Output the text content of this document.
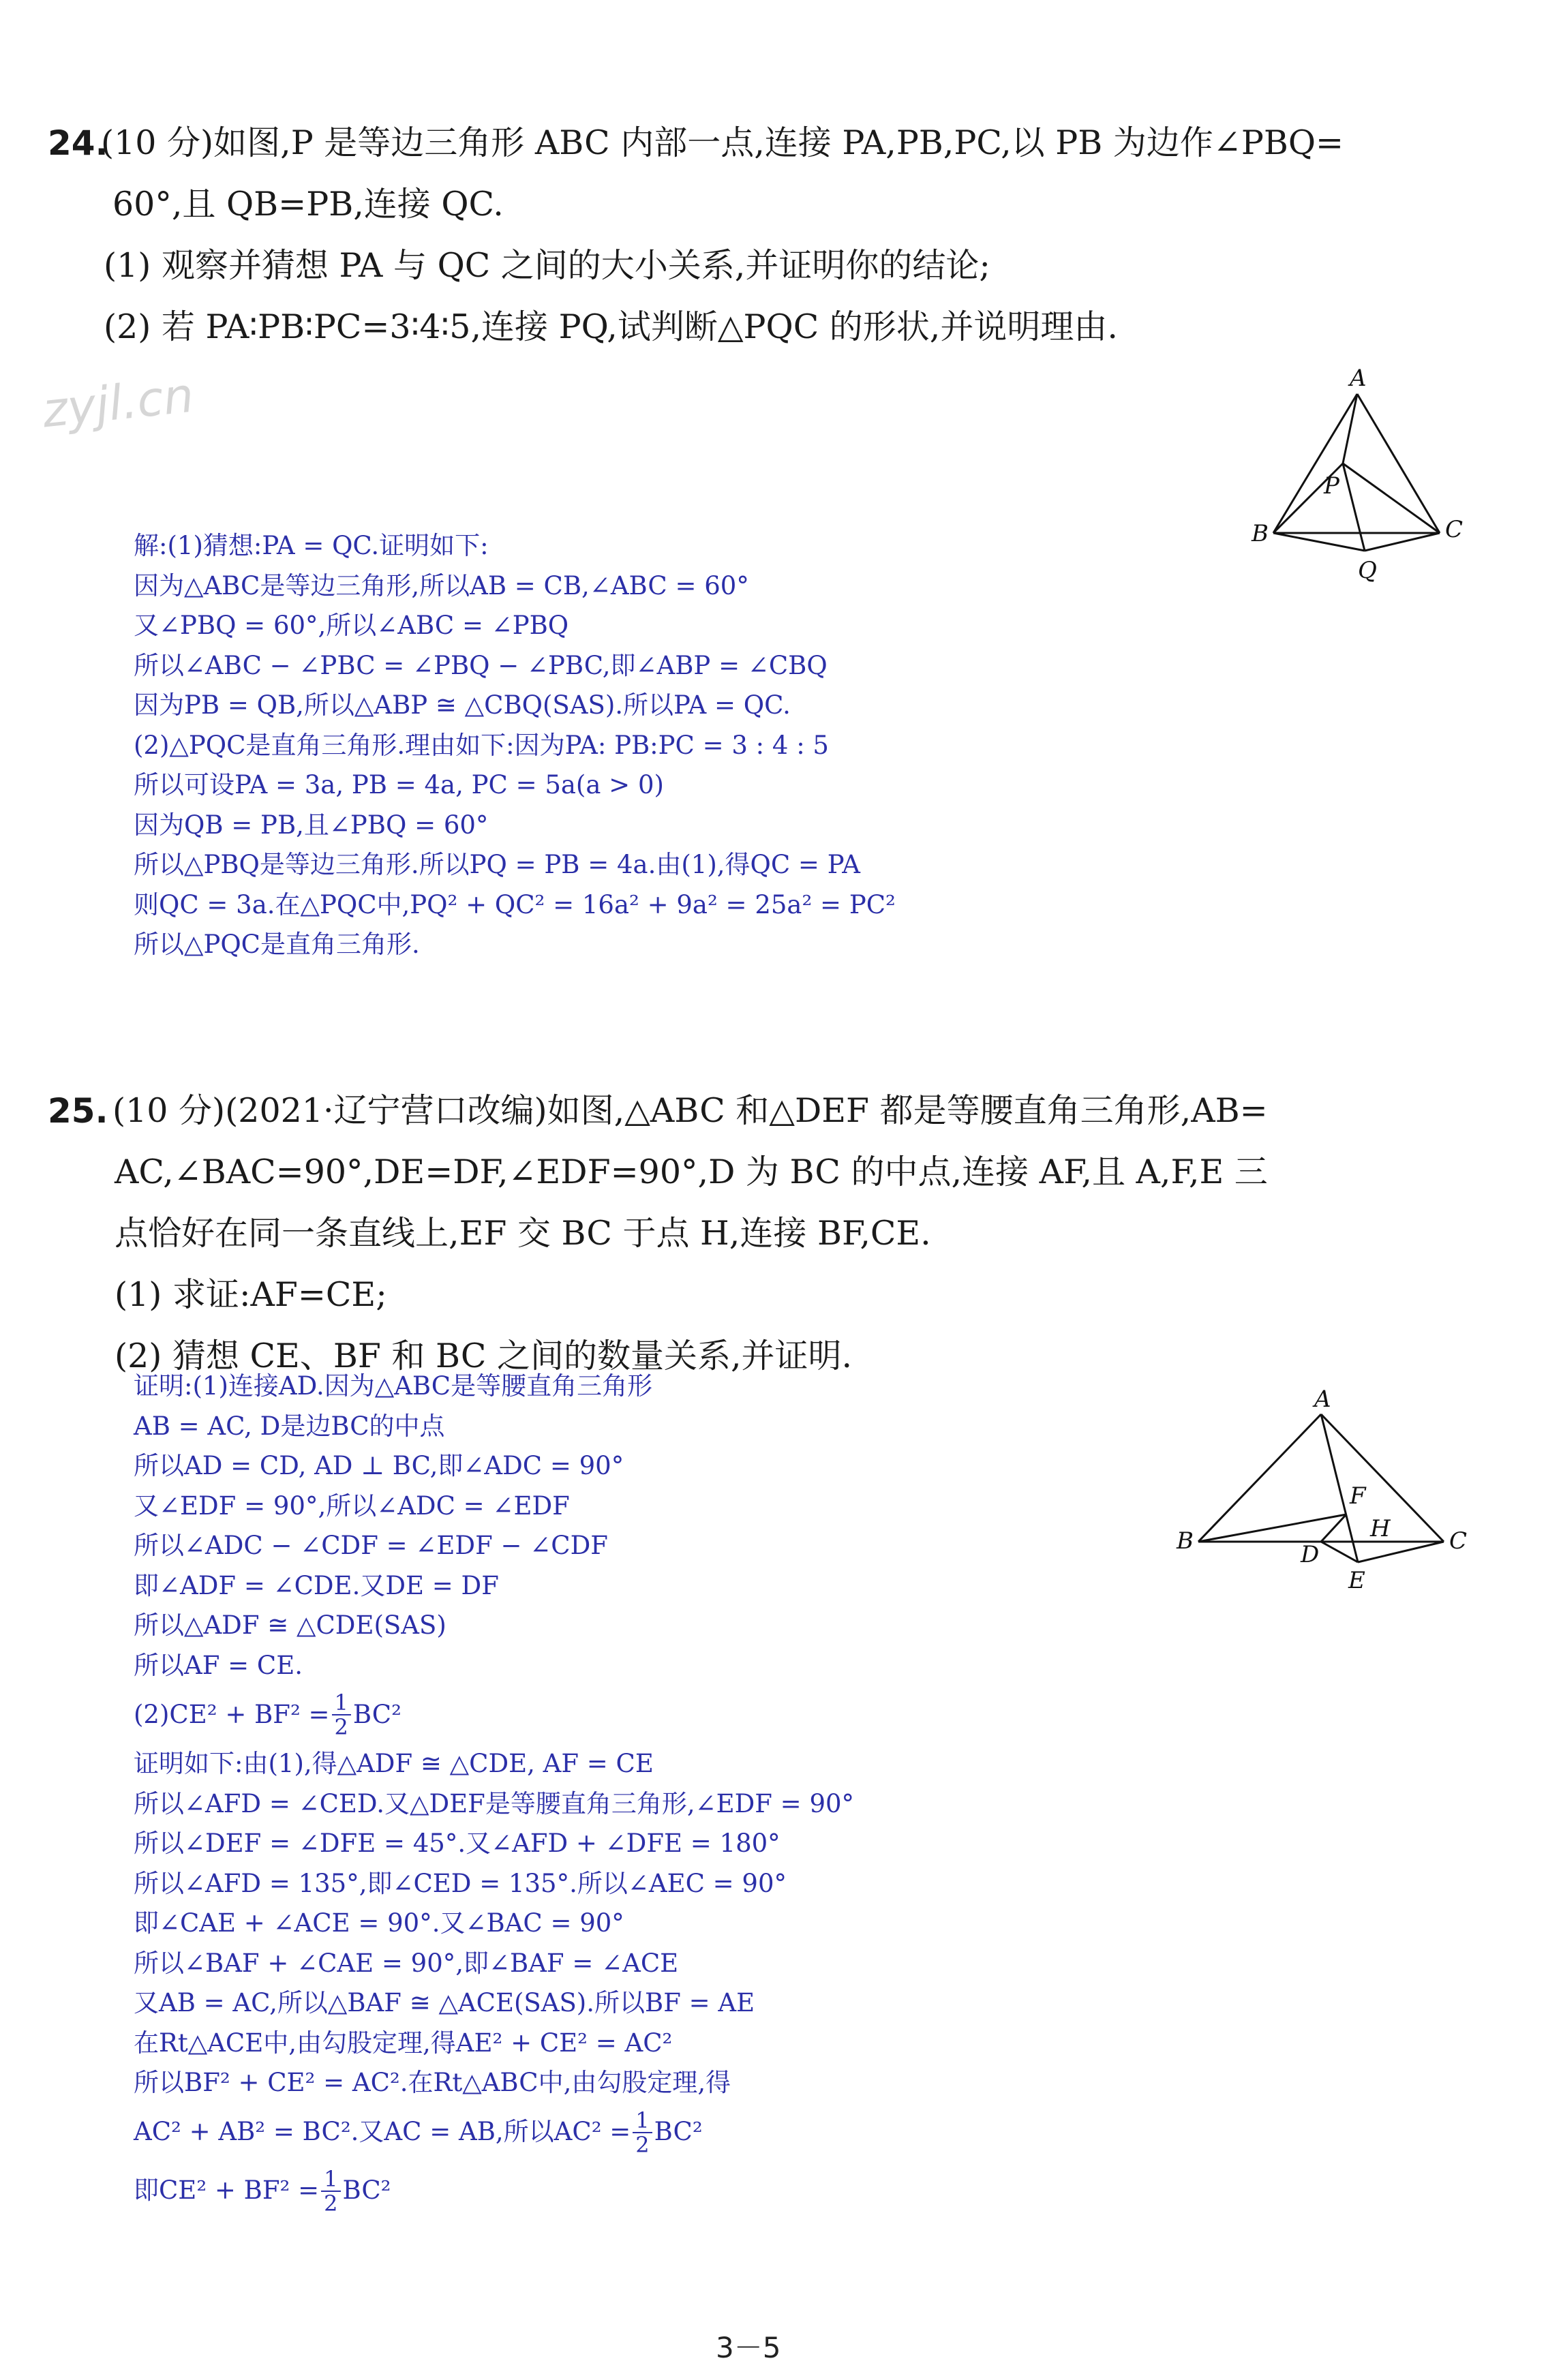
24.
(10 分)如图,P 是等边三角形 ABC 内部一点,连接 PA,PB,PC,以 PB 为边作∠PBQ=
60°,且 QB=PB,连接 QC.
(1) 观察并猜想 PA 与 QC 之间的大小关系,并证明你的结论;
(2) 若 PA∶PB∶PC=3∶4∶5,连接 PQ,试判断△PQC 的形状,并说明理由.
zyjl.cn	A
B	C
P
Q
解:(1)猜想:PA = QC.证明如下:
因为△ABC是等边三角形,所以AB = CB,∠ABC = 60°
又∠PBQ = 60°,所以∠ABC = ∠PBQ
所以∠ABC − ∠PBC = ∠PBQ − ∠PBC,即∠ABP = ∠CBQ
因为PB = QB,所以△ABP ≅ △CBQ(SAS).所以PA = QC.
(2)△PQC是直角三角形.理由如下:因为PA: PB:PC = 3 : 4 : 5
所以可设PA = 3a, PB = 4a, PC = 5a(a > 0)
因为QB = PB,且∠PBQ = 60°
所以△PBQ是等边三角形.所以PQ = PB = 4a.由(1),得QC = PA
则QC = 3a.在△PQC中,PQ² + QC² = 16a² + 9a² = 25a² = PC²
所以△PQC是直角三角形.
25. (10 分)(2021·辽宁营口改编)如图,△ABC 和△DEF 都是等腰直角三角形,AB=
AC,∠BAC=90°,DE=DF,∠EDF=90°,D 为 BC 的中点,连接 AF,且 A,F,E 三
点恰好在同一条直线上,EF 交 BC 于点 H,连接 BF,CE.
(1) 求证:AF=CE;
(2) 猜想 CE、BF 和 BC 之间的数量关系,并证明.
A
B	C
F
H
D
E
证明:(1)连接AD.因为△ABC是等腰直角三角形
AB = AC, D是边BC的中点
所以AD = CD, AD ⊥ BC,即∠ADC = 90°
又∠EDF = 90°,所以∠ADC = ∠EDF
所以∠ADC − ∠CDF = ∠EDF − ∠CDF
即∠ADF = ∠CDE.又DE = DF
所以△ADF ≅ △CDE(SAS)
所以AF = CE.
$(2)CE^2 + BF^2 = \frac{1}{2} BC^2$
证明如下:由(1),得△ADF ≅ △CDE, AF = CE
所以∠AFD = ∠CED.又△DEF是等腰直角三角形,∠EDF = 90°
所以∠DEF = ∠DFE = 45°.又∠AFD + ∠DFE = 180°
所以∠AFD = 135°,即∠CED = 135°.所以∠AEC = 90°
即∠CAE + ∠ACE = 90°.又∠BAC = 90°
所以∠BAF + ∠CAE = 90°,即∠BAF = ∠ACE
又AB = AC,所以△BAF ≅ △ACE(SAS).所以BF = AE
在Rt△ACE中,由勾股定理,得AE² + CE² = AC²
所以BF² + CE² = AC².在Rt△ABC中,由勾股定理,得
AC² + AB² = BC².又AC = AB,所以$AC^2 = \frac{1}{2} BC^2$
即$CE^2 + BF^2 = \frac{1}{2} BC^2$
3－5
